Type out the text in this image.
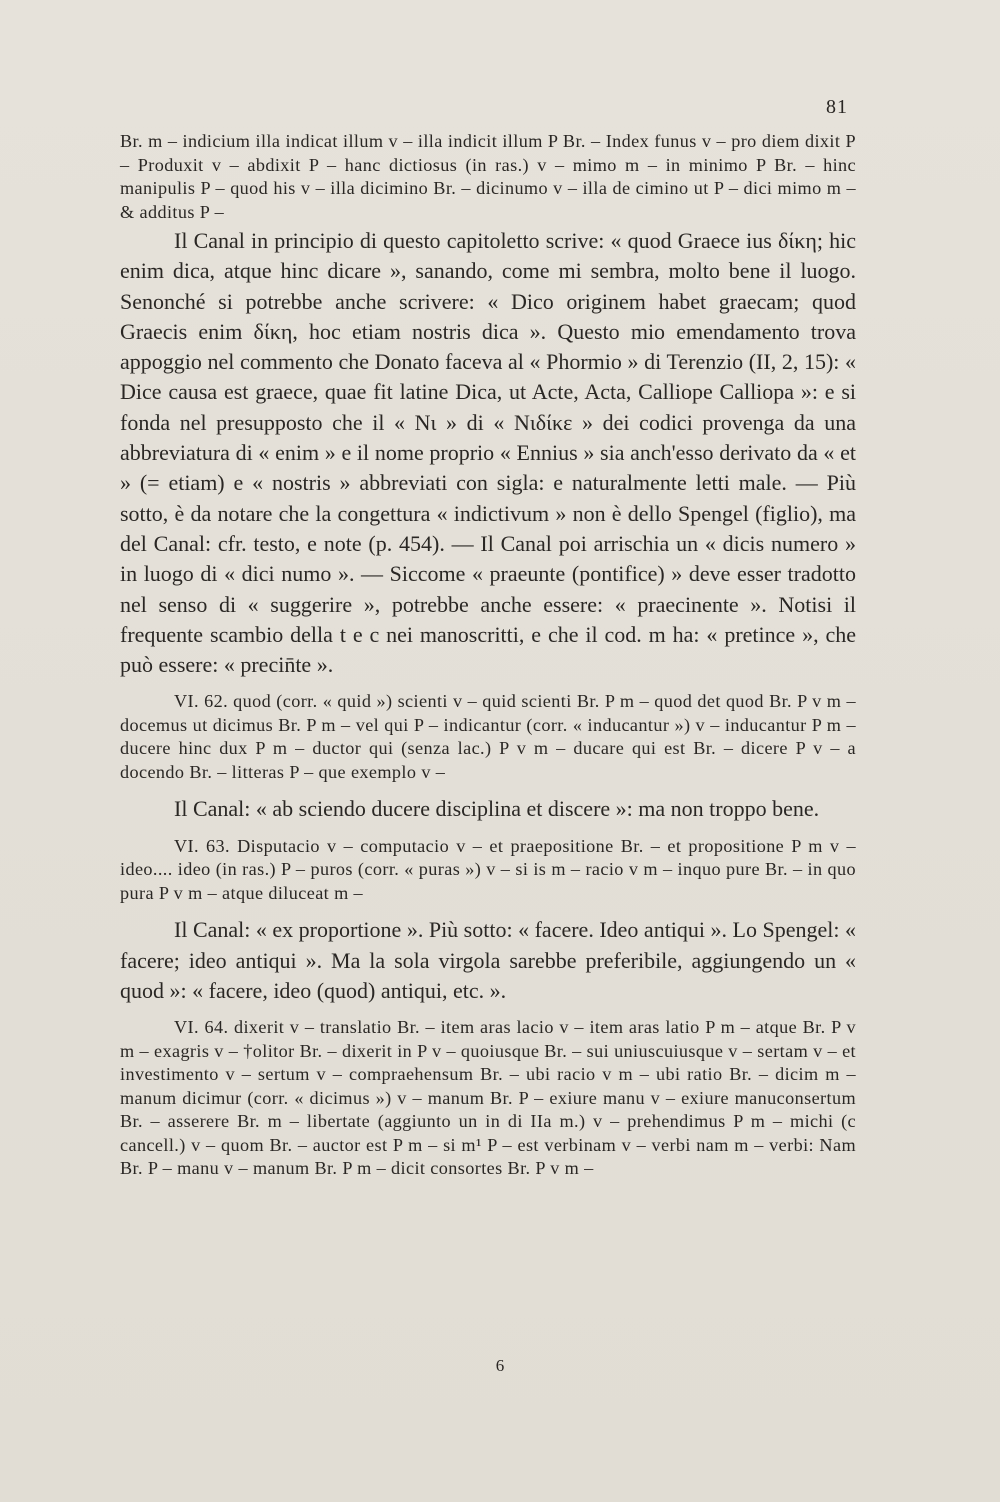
81

Br. m – indicium illa indicat illum v – illa indicit illum P Br. – Index funus v – pro diem dixit P – Produxit v – abdixit P – hanc dictiosus (in ras.) v – mimo m – in minimo P Br. – hinc manipulis P – quod his v – illa dicimino Br. – dicinumo v – illa de cimino ut P – dici mimo m – & additus P –

Il Canal in principio di questo capitoletto scrive: « quod Graece ius δίκη; hic enim dica, atque hinc dicare », sanando, come mi sembra, molto bene il luogo. Senonché si potrebbe anche scrivere: « Dico originem habet graecam; quod Graecis enim δίκη, hoc etiam nostris dica ». Questo mio emendamento trova appoggio nel commento che Donato faceva al « Phormio » di Terenzio (II, 2, 15): « Dice causa est graece, quae fit latine Dica, ut Acte, Acta, Calliope Calliopa »: e si fonda nel presupposto che il « Nι » di « Nιδίκε » dei codici provenga da una abbreviatura di « enim » e il nome proprio « Ennius » sia anch'esso derivato da « et » (= etiam) e « nostris » abbreviati con sigla: e naturalmente letti male. — Più sotto, è da notare che la congettura « indictivum » non è dello Spengel (figlio), ma del Canal: cfr. testo, e note (p. 454). — Il Canal poi arrischia un « dicis numero » in luogo di « dici numo ». — Siccome « praeunte (pontifice) » deve esser tradotto nel senso di « suggerire », potrebbe anche essere: « praecinente ». Notisi il frequente scambio della t e c nei manoscritti, e che il cod. m ha: « pretince », che può essere: « precin̄te ».

VI. 62. quod (corr. « quid ») scienti v – quid scienti Br. P m – quod det quod Br. P v m – docemus ut dicimus Br. P m – vel qui P – indicantur (corr. « inducantur ») v – inducantur P m – ducere hinc dux P m – ductor qui (senza lac.) P v m – ducare qui est Br. – dicere P v – a docendo Br. – litteras P – que exemplo v –

Il Canal: « ab sciendo ducere disciplina et discere »: ma non troppo bene.

VI. 63. Disputacio v – computacio v – et praepositione Br. – et propositione P m v – ideo.... ideo (in ras.) P – puros (corr. « puras ») v – si is m – racio v m – inquo pure Br. – in quo pura P v m – atque diluceat m –

Il Canal: « ex proportione ». Più sotto: « facere. Ideo antiqui ». Lo Spengel: « facere; ideo antiqui ». Ma la sola virgola sarebbe preferibile, aggiungendo un « quod »: « facere, ideo (quod) antiqui, etc. ».

VI. 64. dixerit v – translatio Br. – item aras lacio v – item aras latio P m – atque Br. P v m – exagris v – †olitor Br. – dixerit in P v – quoiusque Br. – sui uniuscuiusque v – sertam v – et investimento v – sertum v – compraehensum Br. – ubi racio v m – ubi ratio Br. – dicim m – manum dicimur (corr. « dicimus ») v – manum Br. P – exiure manu v – exiure manuconsertum Br. – asserere Br. m – libertate (aggiunto un in di IIa m.) v – prehendimus P m – michi (c cancell.) v – quom Br. – auctor est P m – si m¹ P – est verbinam v – verbi nam m – verbi: Nam Br. P – manu v – manum Br. P m – dicit consortes Br. P v m –

6
